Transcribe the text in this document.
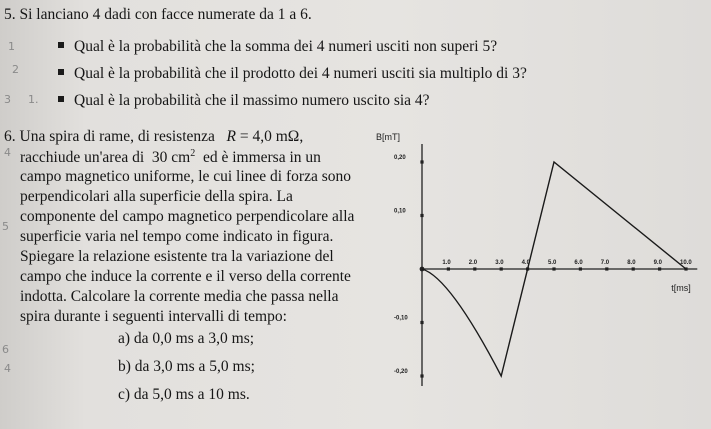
1
2
3 1.
4
5
6
4
5. Si lanciano 4 dadi con facce numerate da 1 a 6.
Qual è la probabilità che la somma dei 4 numeri usciti non superi 5?
Qual è la probabilità che il prodotto dei 4 numeri usciti sia multiplo di 3?
Qual è la probabilità che il massimo numero uscito sia 4?
6. Una spira di rame, di resistenza R = 4,0 mΩ,
racchiude un'area di 30 $cm^2$ ed è immersa in un
campo magnetico uniforme, le cui linee di forza sono
perpendicolari alla superficie della spira. La
componente del campo magnetico perpendicolare alla
superficie varia nel tempo come indicato in figura.
Spiegare la relazione esistente tra la variazione del
campo che induce la corrente e il verso della corrente
indotta. Calcolare la corrente media che passa nella
spira durante i seguenti intervalli di tempo:
a) da 0,0 ms a 3,0 ms;
b) da 3,0 ms a 5,0 ms;
c) da 5,0 ms a 10 ms.
B[mT]
t[ms]
1.0	2.0	3.0	4.0	5.0	6.0	7.0	8.0	9.0	10.0
0,20
0,10
-0,10
-0,20
